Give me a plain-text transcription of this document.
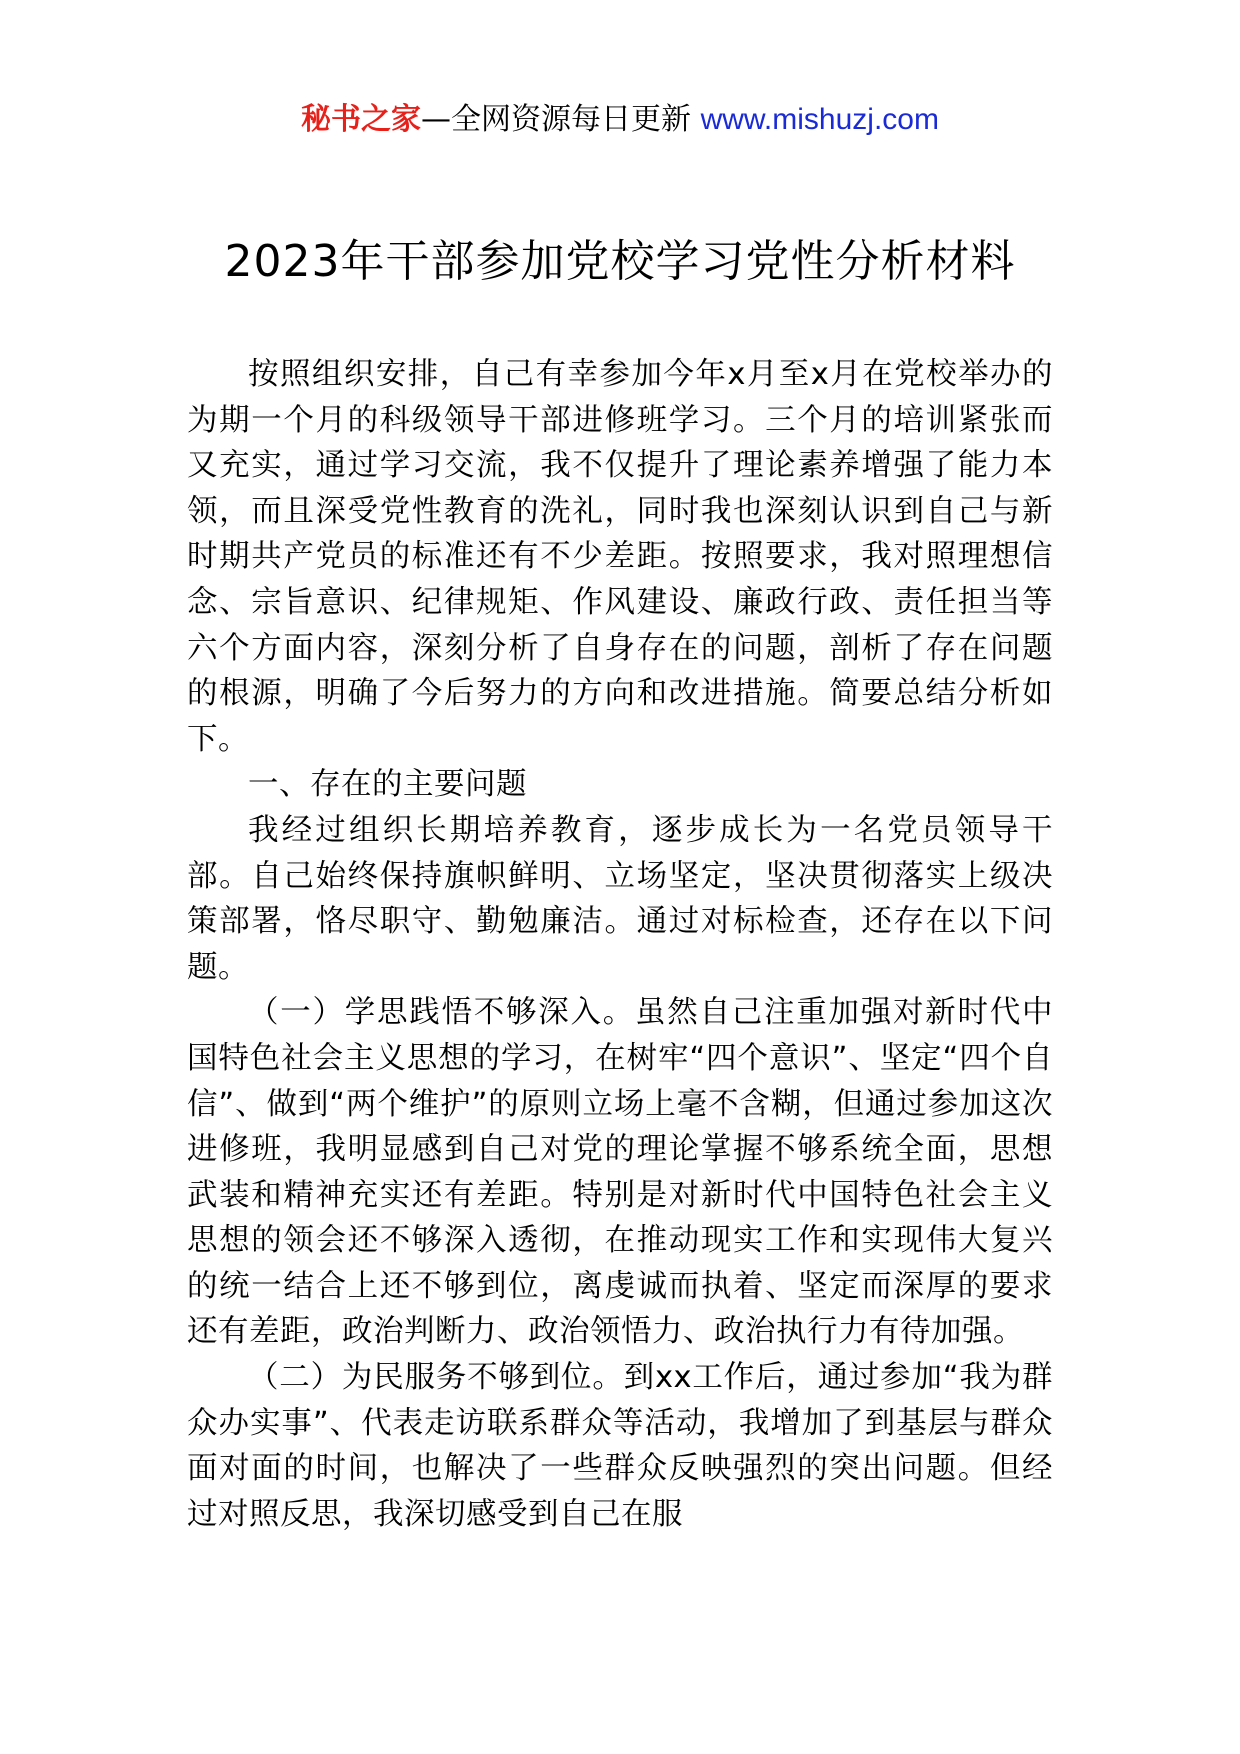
秘书之家—全网资源每日更新 www.mishuzj.com
2023年干部参加党校学习党性分析材料

按照组织安排，自己有幸参加今年x月至x月在党校举办的为期一个月的科级领导干部进修班学习。三个月的培训紧张而又充实，通过学习交流，我不仅提升了理论素养增强了能力本领，而且深受党性教育的洗礼，同时我也深刻认识到自己与新时期共产党员的标准还有不少差距。按照要求，我对照理想信念、宗旨意识、纪律规矩、作风建设、廉政行政、责任担当等六个方面内容，深刻分析了自身存在的问题，剖析了存在问题的根源，明确了今后努力的方向和改进措施。简要总结分析如下。

一、存在的主要问题

我经过组织长期培养教育，逐步成长为一名党员领导干部。自己始终保持旗帜鲜明、立场坚定，坚决贯彻落实上级决策部署，恪尽职守、勤勉廉洁。通过对标检查，还存在以下问题。

（一）学思践悟不够深入。虽然自己注重加强对新时代中国特色社会主义思想的学习，在树牢“四个意识”、坚定“四个自信”、做到“两个维护”的原则立场上毫不含糊，但通过参加这次进修班，我明显感到自己对党的理论掌握不够系统全面，思想武装和精神充实还有差距。特别是对新时代中国特色社会主义思想的领会还不够深入透彻，在推动现实工作和实现伟大复兴的统一结合上还不够到位，离虔诚而执着、坚定而深厚的要求还有差距，政治判断力、政治领悟力、政治执行力有待加强。

（二）为民服务不够到位。到xx工作后，通过参加“我为群众办实事”、代表走访联系群众等活动，我增加了到基层与群众面对面的时间，也解决了一些群众反映强烈的突出问题。但经过对照反思，我深切感受到自己在服
